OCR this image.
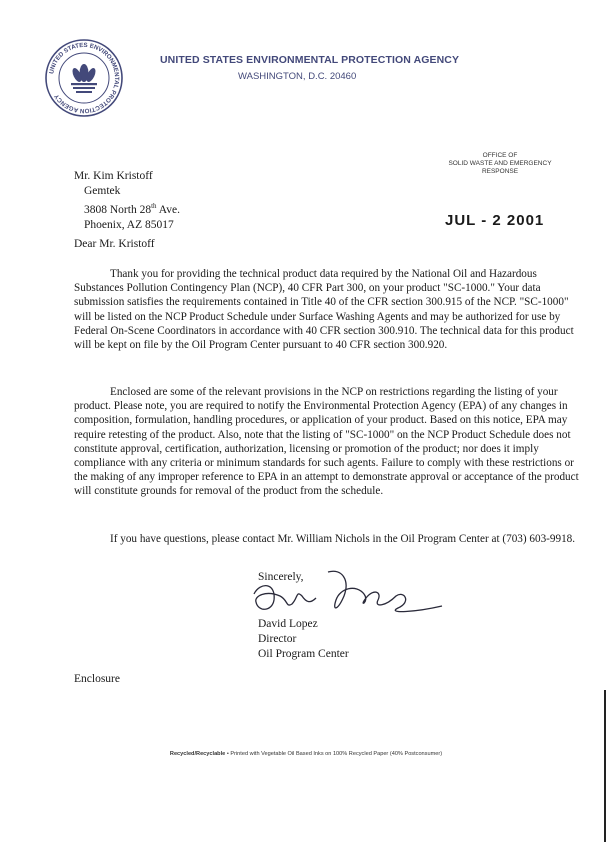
UNITED STATES ENVIRONMENTAL PROTECTION AGENCY
UNITED STATES ENVIRONMENTAL PROTECTION AGENCY
WASHINGTON, D.C. 20460
OFFICE OF
SOLID WASTE AND EMERGENCY
RESPONSE
Mr. Kim Kristoff
Gemtek
3808 North 28th Ave.
Phoenix, AZ 85017	JUL - 2 2001
Dear Mr. Kristoff

Thank you for providing the technical product data required by the National Oil and Hazardous Substances Pollution Contingency Plan (NCP), 40 CFR Part 300, on your product "SC-1000." Your data submission satisfies the requirements contained in Title 40 of the CFR section 300.915 of the NCP. "SC-1000" will be listed on the NCP Product Schedule under Surface Washing Agents and may be authorized for use by Federal On-Scene Coordinators in accordance with 40 CFR section 300.910. The technical data for this product will be kept on file by the Oil Program Center pursuant to 40 CFR section 300.920.

Enclosed are some of the relevant provisions in the NCP on restrictions regarding the listing of your product. Please note, you are required to notify the Environmental Protection Agency (EPA) of any changes in composition, formulation, handling procedures, or application of your product. Based on this notice, EPA may require retesting of the product. Also, note that the listing of "SC-1000" on the NCP Product Schedule does not constitute approval, certification, authorization, licensing or promotion of the product; nor does it imply compliance with any criteria or minimum standards for such agents. Failure to comply with these restrictions or the making of any improper reference to EPA in an attempt to demonstrate approval or acceptance of the product will constitute grounds for removal of the product from the schedule.

If you have questions, please contact Mr. William Nichols in the Oil Program Center at (703) 603-9918.

Sincerely,
David Lopez
Director
Oil Program Center
Enclosure
Recycled/Recyclable • Printed with Vegetable Oil Based Inks on 100% Recycled Paper (40% Postconsumer)
